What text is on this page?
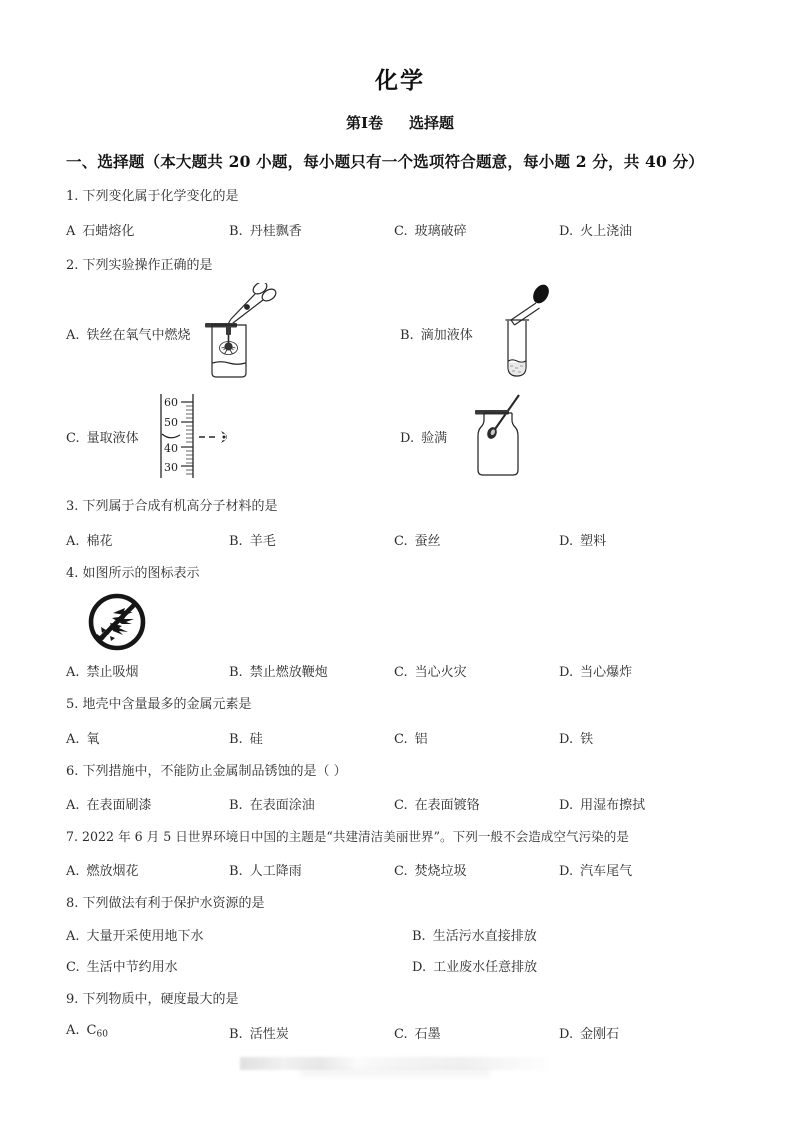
化学
第I卷 选择题
一、选择题（本大题共 20 小题，每小题只有一个选项符合题意，每小题 2 分，共 40 分）
1. 下列变化属于化学变化的是
A 石蜡熔化	B. 丹桂飘香	C. 玻璃破碎	D. 火上浇油
2. 下列实验操作正确的是
A. 铁丝在氧气中燃烧	B. 滴加液体
C. 量取液体
60
50
40
30
D. 验满
3. 下列属于合成有机高分子材料的是
A. 棉花	B. 羊毛	C. 蚕丝	D. 塑料
4. 如图所示的图标表示
A. 禁止吸烟	B. 禁止燃放鞭炮	C. 当心火灾	D. 当心爆炸
5. 地壳中含量最多的金属元素是
A. 氧	B. 硅	C. 铝	D. 铁
6. 下列措施中，不能防止金属制品锈蚀的是（ ）
A. 在表面刷漆	B. 在表面涂油	C. 在表面镀铬	D. 用湿布擦拭
7. 2022 年 6 月 5 日世界环境日中国的主题是“共建清洁美丽世界”。下列一般不会造成空气污染的是
A. 燃放烟花	B. 人工降雨	C. 焚烧垃圾	D. 汽车尾气
8. 下列做法有利于保护水资源的是
A. 大量开采使用地下水	B. 生活污水直接排放
C. 生活中节约用水	D. 工业废水任意排放
9. 下列物质中，硬度最大的是
A. $C_{60}$	B. 活性炭	C. 石墨	D. 金刚石
